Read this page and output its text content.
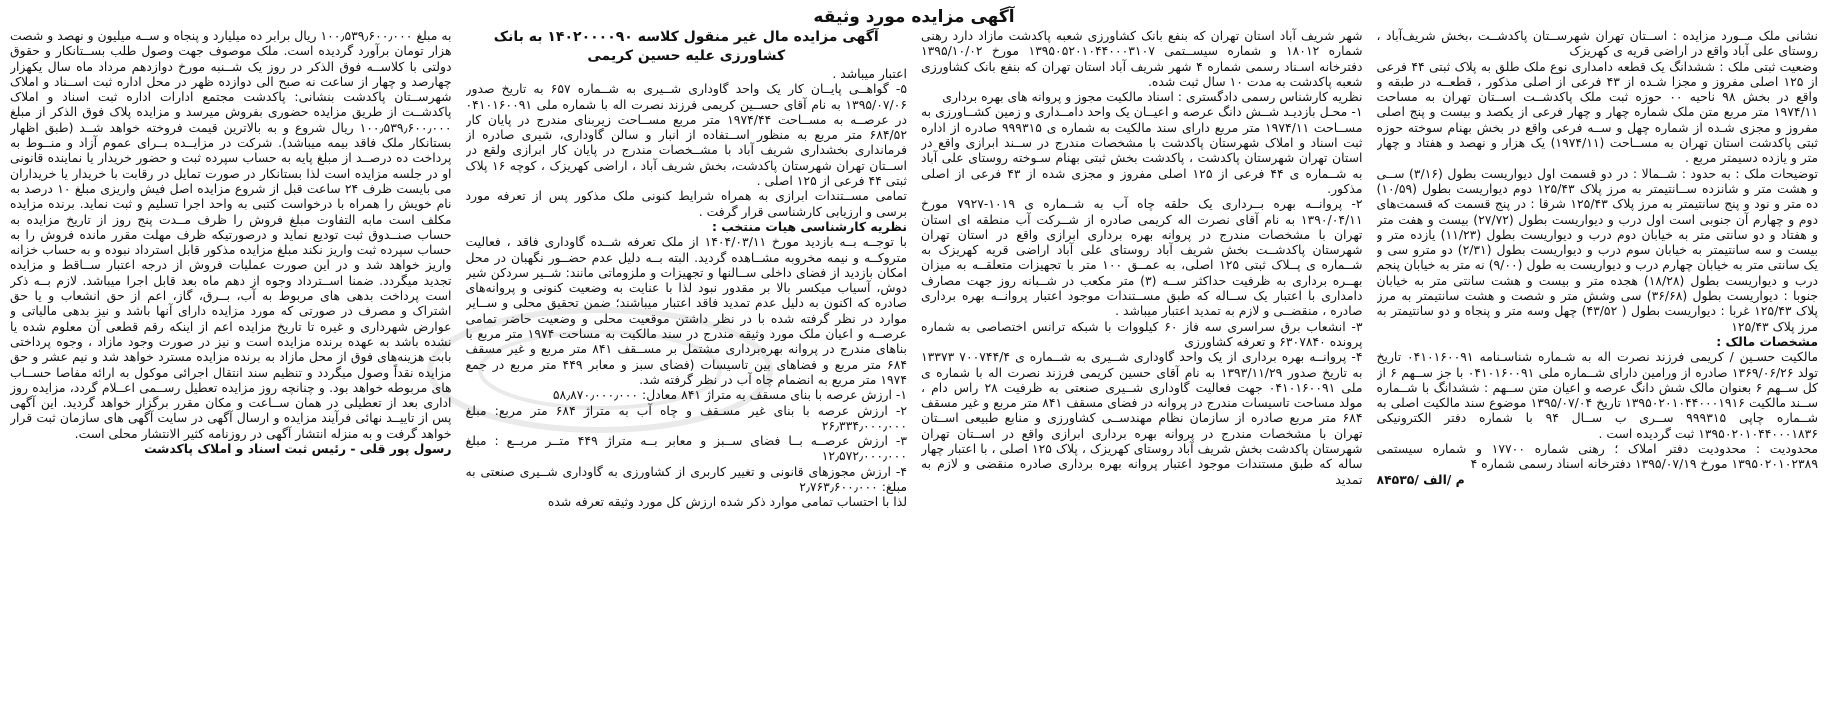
آگهی مزایده مورد وثیقه

نشانی ملک مــورد مزایده : اســتان تهران شهرســتان پاکدشــت ،بخش شریف‌آباد ، روستای علی آباد واقع در اراضی قریه ی کهریزک

وضعیت ثبتی ملک : ششدانگ یک قطعه دامداری نوع ملک طلق به پلاک ثبتی ۴۴ فرعی از ۱۲۵ اصلی مفروز و مجزا شـده از ۴۳ فرعی از اصلی مذکور ، قطعــه در طبقه و واقع در بخش ۹۸ ناحیه ۰۰ حوزه ثبت ملک پاکدشــت اســتان تهران به مساحت ۱۹۷۴/۱۱ متر مربع متن ملک شماره چهار و چهار فرعی از یکصد و بیست و پنج اصلی مفروز و مجزی شـده از شماره چهل و ســه فرعی واقع در بخش بهنام سوخته حوزه ثبتی پاکدشت استان تهران به مســاحت (۱۹۷۴/۱۱) یک هزار و نهصد و هفتاد و چهار متر و یازده دسیمتر مربع .

توضیحات ملک : به حدود : شــمالا : در دو قسمت اول دیواریست بطول (۳/۱۶) ســی و هشت متر و شانزده ســانتیمتر به مرز پلاک ۱۲۵/۴۳ دوم دیواریست بطول (۱۰/۵۹) ده متر و نود و پنج سانتیمتر به مرز پلاک ۱۲۵/۴۳ شرقا : در پنج قسمت که قسمت‌های دوم و چهارم آن جنوبی است اول درب و دیواریست بطول (۲۷/۷۲) بیست و هفت متر و هفتاد و دو سانتی متر به خیابان دوم درب و دیواریست بطول (۱۱/۲۳) یازده متر و بیست و سه سانتیمتر به خیابان سوم درب و دیواریست بطول (۲/۳۱) دو مترو سی و یک سانتی متر به خیابان چهارم درب و دیواریست به طول (۹/۰۰) نه متر به خیابان پنجم درب و دیواریست بطول (۱۸/۲۸) هجده متر و بیست و هشت سانتی متر به خیابان جنوبا : دیواریست بطول (۳۶/۶۸) سی وشش متر و شصت و هشت سانتیمتر به مرز پلاک ۱۲۵/۴۳ غربا : دیواریست بطول ( ۴۳/۵۲) چهل وسه متر و پنجاه و دو سانتیمتر به مرز پلاک ۱۲۵/۴۳

مشخصات مالک :

مالکیت حسـین / کریمی فرزند نصرت اله به شـماره شناسـنامه ۰۴۱۰۱۶۰۰۹۱ تاریخ تولد ۱۳۶۹/۰۶/۲۶ صادره از ورامین دارای شــماره ملی ۰۴۱۰۱۶۰۰۹۱ با جز ســهم ۶ از کل ســهم ۶ بعنوان مالک شش دانگ عرصه و اعیان متن ســهم : ششدانگ با شــماره ســند مالکیت ۱۳۹۵۰۲۰۱۰۴۴۰۰۰۱۹۱۶ تاریخ ۱۳۹۵/۰۷/۰۴ موضوع سند مالکیت اصلی به شــماره چاپی ۹۹۹۳۱۵ ســری ب ســال ۹۴ با شماره دفتر الکترونیکی ۱۳۹۵۰۲۰۱۰۴۴۰۰۰۱۸۳۶ ثبت گردیده است .

محدودیت : محدودیت دفتر املاک ؛ رهنی شماره ۱۷۷۰۰ و شماره سیستمی ۱۳۹۵۰۲۰۱۰۲۳۸۹ مورخ ۱۳۹۵/۰۷/۱۹ دفترخانه اسناد رسمی شماره ۴

۸۴۵۳۵/ م /الف

شهر شریف آباد استان تهران که بنفع بانک کشاورزی شعبه پاکدشت مازاد دارد رهنی شماره ۱۸۰۱۲ و شماره سیســتمی ۱۳۹۵۰۵۲۰۱۰۴۴۰۰۰۳۱۰۷ مورخ ۱۳۹۵/۱۰/۰۲ دفترخانه اسـناد رسمی شماره ۴ شهر شریف آباد استان تهران که بنفع بانک کشاورزی شعبه پاکدشت به مدت ۱۰ سال ثبت شده.

نظریه کارشناس رسمی دادگستری : اسناد مالکیت مجوز و پروانه های بهره برداری

۱- محـل بازدیـد شــش دانگ عرصه و اعیــان یک واحد دامــداری و زمین کشــاورزی به مســاحت ۱۹۷۴/۱۱ متر مربع دارای سند مالکیت به شماره ی ۹۹۹۳۱۵ صادره از اداره ثبت اسناد و املاک شهرستان پاکدشت با مشخصات مندرج در ســند ابرازی واقع در استان تهران شهرستان پاکدشت ، پاکدشت بخش ثبتی بهنام سـوخته روستای علی آباد به شــماره ی ۴۴ فرعی از ۱۲۵ اصلی مفروز و مجزی شده از ۴۳ فرعی از اصلی مذکور.

۲- پروانــه بهره بــرداری یک حلقه چاه آب به شــماره ی ۱۰۱۹-۷۹۲۷ مورخ ۱۳۹۰/۰۴/۱۱ به نام آقای نصرت اله کریمی صادره از شــرکت آب منطقه ای استان تهران با مشخصات مندرج در پروانه بهره برداری ابرازی واقع در استان تهران شهرستان پاکدشــت بخش شریف آباد روستای علی آباد اراضی قریه کهریزک به شــماره ی پــلاک ثبتی ۱۲۵ اصلی، به عمــق ۱۰۰ متر با تجهیزات متعلقــه به میزان بهــره برداری به ظرفیت حداکثر ســه (۳) متر مکعب در شــبانه روز جهت مصارف دامداری با اعتبار یک ســاله که طبق مســتندات موجود اعتبار پروانــه بهره برداری صادره ، منقضــی و لازم به تمدید اعتبار میباشد .

۳- انشعاب برق سراسری سه فاز ۶۰ کیلووات با شبکه ترانس اختصاصی به شماره پرونده ۶۳۰۷۸۴۰ و تعرفه کشاورزی

۴- پروانــه بهره برداری از یک واحد گاوداری شــیری به شــماره ی ۷۰۰۷۴۴/۴ ۱۳۳۷۳ به تاریخ صدور ۱۳۹۳/۱۱/۲۹ به نام آقای حسین کریمی فرزند نصرت اله با شماره ی ملی ۰۴۱۰۱۶۰۰۹۱ جهت فعالیت گاوداری شــیری صنعتی به ظرفیت ۲۸ راس دام ، مولد مساحت تاسیسات مندرج در پروانه در فضای مسقف ۸۴۱ متر مربع و غیر مسقف ۶۸۴ متر مربع صادره از سازمان نظام مهندســی کشاورزی و منابع طبیعی اســتان تهران با مشخصات مندرج در پروانه بهره برداری ابرازی واقع در اســتان تهران شهرستان پاکدشت بخش شریف آباد روستای کهریزک ، پلاک ۱۲۵ اصلی ، با اعتبار چهار ساله که طبق مستندات موجود اعتبار پروانه بهره برداری صادره منقضی و لازم به تمدید

آگهی مزایده مال غیر منقول کلاسه ۱۴۰۲۰۰۰۰۹۰ به بانک کشاورزی علیه حسین کریمی

اعتبار میباشد .

۵- گواهــی پایــان کار یک واحد گاوداری شــیری به شــماره ۶۵۷ به تاریخ صدور ۱۳۹۵/۰۷/۰۶ به نام آقای حســین کریمی فرزند نصرت اله با شماره ملی ۰۴۱۰۱۶۰۰۹۱ در عرصــه به مســاحت ۱۹۷۴/۴۴ متر مربع مســاحت زیربنای مندرج در پایان کار ۶۸۴/۵۲ متر مربع به منظور اســتفاده از انبار و سالن گاوداری، شیری صادره از فرمانداری بخشداری شریف آباد با مشــخصات مندرج در پایان کار ابرازی ولقع در اســتان تهران شهرستان پاکدشت، بخش شریف آباد ، اراضی کهریزک ، کوچه ۱۶ پلاک ثبتی ۴۴ فرعی از ۱۲۵ اصلی .

تمامی مســتندات ابرازی به همراه شرایط کنونی ملک مذکور پس از تعرفه مورد برسی و ارزیابی کارشناسی قرار گرفت .

نظریه کارشناسی هیات منتخب :

با توجــه بــه بازدید مورخ ۱۴۰۴/۰۳/۱۱ از ملک تعرفه شــده گاوداری فاقد ، فعالیت متروکــه و نیمه مخروبه مشــاهده گردید. البته بــه دلیل عدم حضــور نگهبان در محل امکان بازدید از فضای داخلی ســالنها و تجهیزات و ملزوماتی مانند: شــیر سردکن شیر دوش، آسیاب میکسر بالا بر مقدور نبود لذا با عنایت به وضعیت کنونی و پروانه‌های صادره که اکنون به دلیل عدم تمدید فاقد اعتبار میباشند؛ ضمن تحقیق محلی و ســایر موارد در نظر گرفته شده با در نظر داشتن موقعیت محلی و وضعیت حاضر تمامی عرصــه و اعیان ملک مورد وثیقه مندرج در سند مالکیت به مساحت ۱۹۷۴ متر مربع با بناهای مندرج در پروانه بهره‌برداری مشتمل بر مســقف ۸۴۱ متر مربع و غیر مسقف ۶۸۴ متر مربع و فضاهای بین تاسیسات (فضای سبز و معابر ۴۴۹ متر مربع در جمع ۱۹۷۴ متر مربع به انضمام چاه آب در نظر گرفته شد.

۱- ارزش عرصه با بنای مسقف به متراژ ۸۴۱ معادل: ۵۸٫۸۷۰٫۰۰۰٫۰۰۰

۲- ارزش عرصه با بنای غیر مسـقف و چاه آب به متراژ ۶۸۴ متر مربع: مبلغ ۲۶٫۳۳۴٫۰۰۰٫۰۰۰

۳- ارزش عرصــه بــا فضای ســبز و معابر بــه متراژ ۴۴۹ متــر مربــع : مبلغ ۱۲٫۵۷۲٫۰۰۰٫۰۰۰

۴- ارزش مجوزهای قانونی و تغییر کاربری از کشاورزی به گاوداری شــیری صنعتی به مبلغ: ۲٫۷۶۳٫۶۰۰٫۰۰۰

لذا با احتساب تمامی موارد ذکر شده ارزش کل مورد وثیقه تعرفه شده

به مبلغ ۱۰۰٫۵۳۹٫۶۰۰٫۰۰۰ ریال برابر ده میلیارد و پنجاه و ســه میلیون و نهصد و شصت هزار تومان برآورد گردیده است. ملک موصوف جهت وصول طلب بســتانکار و حقوق دولتی با کلاســه فوق الذکر در روز یک شــنبه مورخ دوازدهم مرداد ماه سال یکهزار چهارصد و چهار از ساعت نه صبح الی دوازده ظهر در محل اداره ثبت اســناد و املاک شهرســتان پاکدشت بنشانی: پاکدشت مجتمع ادارات اداره ثبت اسناد و املاک پاکدشــت از طریق مزایده حضوری بفروش میرسد و مزایده پلاک فوق الذکر از مبلغ ۱۰۰٫۵۳۹٫۶۰۰٫۰۰۰ ریال شروع و به بالاترین قیمت فروخته خواهد شــد (طبق اظهار بستانکار ملک فاقد بیمه میباشد). شرکت در مزایــده بــرای عموم آزاد و منــوط به پرداخت ده درصــد از مبلغ پایه به حساب سپرده ثبت و حضور خریدار یا نماینده قانونی او در جلسه مزایده است لذا بستانکار در صورت تمایل در رقابت با خریدار یا خریداران می بایست ظرف ۲۴ ساعت قبل از شروع مزایده اصل فیش واریزی مبلغ ۱۰ درصد به نام خویش را همراه با درخواست کتبی به واحد اجرا تسلیم و ثبت نماید. برنده مزایده مکلف است مابه التفاوت مبلغ فروش را ظرف مــدت پنج روز از تاریخ مزایده به حساب صنــدوق ثبت تودیع نماید و درصورتیکه ظرف مهلت مقرر مانده فروش را به حساب سپرده ثبت واریز نکند مبلغ مزایده مذکور قابل استرداد نبوده و به حساب خزانه واریز خواهد شد و در این صورت عملیات فروش از درجه اعتبار ســاقط و مزایده تجدید میگردد. ضمنا اســترداد وجوه از دهم ماه بعد قابل اجرا میباشد. لازم بــه ذکر است پرداخت بدهی های مربوط به آب، بــرق، گاز، اعم از حق انشعاب و یا حق اشتراک و مصرف در صورتی که مورد مزایده دارای آنها باشد و نیز بدهی مالیاتی و عوارض شهرداری و غیره تا تاریخ مزایده اعم از اینکه رقم قطعی آن معلوم شده یا نشده باشد به عهده برنده مزایده است و نیز در صورت وجود مازاد ، وجوه پرداختی بابت هزینه‌های فوق از محل مازاد به برنده مزایده مسترد خواهد شد و نیم عشر و حق مزایده نقداً وصول میگردد و تنظیم سند انتقال اجرائی موکول به ارائه مفاصا حســاب های مربوطه خواهد بود. و چنانچه روز مزایده تعطیل رســمی اعــلام گردد، مزایده روز اداری بعد از تعطیلی در همان ســاعت و مکان مقرر برگزار خواهد گردید. این آگهی پس از تاییــد نهائی فرآیند مزایده و ارسال آگهی در سایت آگهی های سازمان ثبت قرار خواهد گرفت و به منزله انتشار آگهی در روزنامه کثیر الانتشار محلی است.

رسول پور قلی - رئیس ثبت اسناد و املاک پاکدشت
